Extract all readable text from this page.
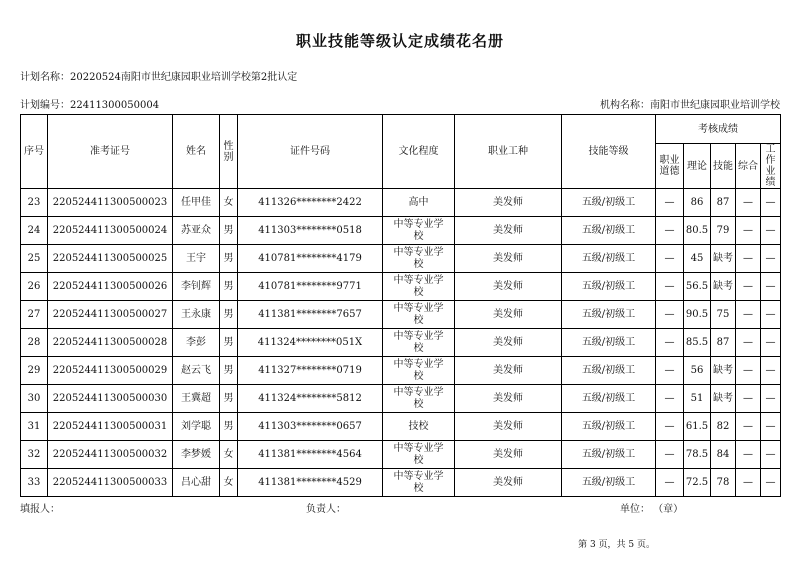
职业技能等级认定成绩花名册
计划名称：20220524南阳市世纪康园职业培训学校第2批认定
计划编号：22411300050004	机构名称：南阳市世纪康园职业培训学校
序号	准考证号	姓名	性别	证件号码	文化程度	职业工种	技能等级	考核成绩				
								职业道德	理论	技能	综合	工作业绩
23	220524411300500023	任甲佳	女	411326********2422	高中	美发师	五级/初级工	—	86	87	—	—
24	220524411300500024	苏亚众	男	411303********0518	中等专业学校	美发师	五级/初级工	—	80.5	79	—	—
25	220524411300500025	王宇	男	410781********4179	中等专业学校	美发师	五级/初级工	—	45	缺考	—	—
26	220524411300500026	李钊辉	男	410781********9771	中等专业学校	美发师	五级/初级工	—	56.5	缺考	—	—
27	220524411300500027	王永康	男	411381********7657	中等专业学校	美发师	五级/初级工	—	90.5	75	—	—
28	220524411300500028	李彭	男	411324********051X	中等专业学校	美发师	五级/初级工	—	85.5	87	—	—
29	220524411300500029	赵云飞	男	411327********0719	中等专业学校	美发师	五级/初级工	—	56	缺考	—	—
30	220524411300500030	王冀超	男	411324********5812	中等专业学校	美发师	五级/初级工	—	51	缺考	—	—
31	220524411300500031	刘学聪	男	411303********0657	技校	美发师	五级/初级工	—	61.5	82	—	—
32	220524411300500032	李梦媛	女	411381********4564	中等专业学校	美发师	五级/初级工	—	78.5	84	—	—
33	220524411300500033	吕心甜	女	411381********4529	中等专业学校	美发师	五级/初级工	—	72.5	78	—	—
填报人：	负责人：	单位： （章）
第 3 页，共 5 页。
